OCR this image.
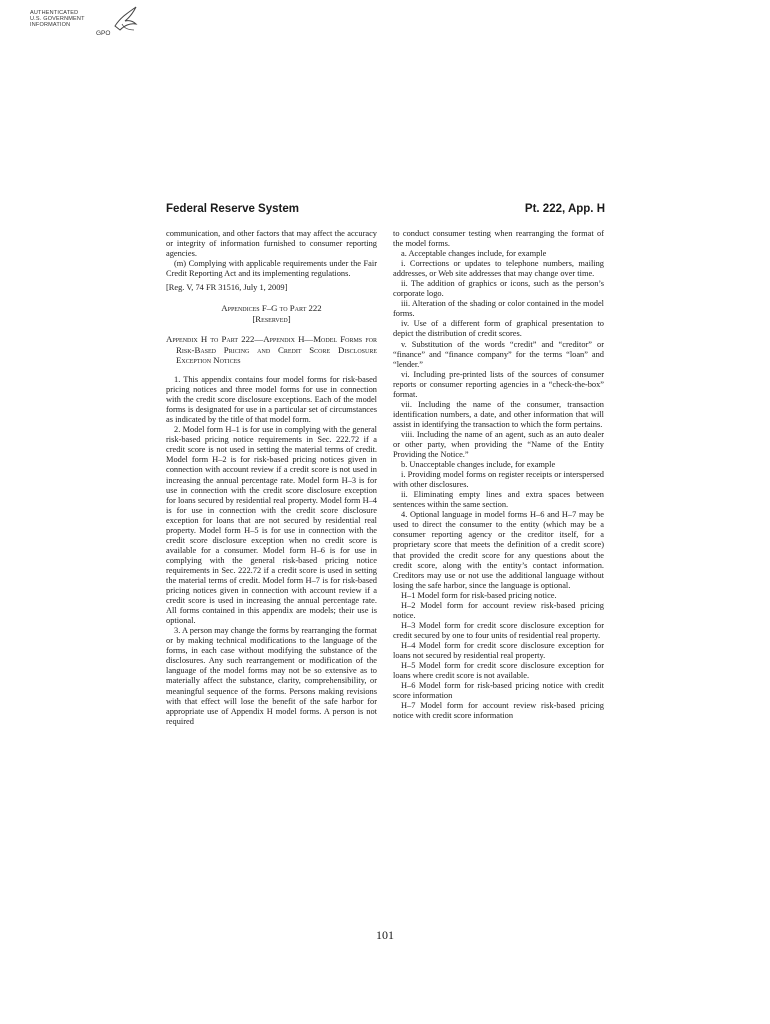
AUTHENTICATED
U.S. GOVERNMENT
INFORMATION
GPO
Federal Reserve System	Pt. 222, App. H

communication, and other factors that may affect the accuracy or integrity of information furnished to consumer reporting agencies.

(m) Complying with applicable requirements under the Fair Credit Reporting Act and its implementing regulations.

[Reg. V, 74 FR 31516, July 1, 2009]

Appendices F–G to Part 222
[Reserved]
Appendix H to Part 222—Appendix H—Model Forms for Risk-Based Pricing and Credit Score Disclosure Exception Notices

1. This appendix contains four model forms for risk-based pricing notices and three model forms for use in connection with the credit score disclosure exceptions. Each of the model forms is designated for use in a particular set of circumstances as indicated by the title of that model form.

2. Model form H–1 is for use in complying with the general risk-based pricing notice requirements in Sec. 222.72 if a credit score is not used in setting the material terms of credit. Model form H–2 is for risk-based pricing notices given in connection with account review if a credit score is not used in increasing the annual percentage rate. Model form H–3 is for use in connection with the credit score disclosure exception for loans secured by residential real property. Model form H–4 is for use in connection with the credit score disclosure exception for loans that are not secured by residential real property. Model form H–5 is for use in connection with the credit score disclosure exception when no credit score is available for a consumer. Model form H–6 is for use in complying with the general risk-based pricing notice requirements in Sec. 222.72 if a credit score is used in setting the material terms of credit. Model form H–7 is for risk-based pricing notices given in connection with account review if a credit score is used in increasing the annual percentage rate. All forms contained in this appendix are models; their use is optional.

3. A person may change the forms by rearranging the format or by making technical modifications to the language of the forms, in each case without modifying the substance of the disclosures. Any such rearrangement or modification of the language of the model forms may not be so extensive as to materially affect the substance, clarity, comprehensibility, or meaningful sequence of the forms. Persons making revisions with that effect will lose the benefit of the safe harbor for appropriate use of Appendix H model forms. A person is not required

to conduct consumer testing when rearranging the format of the model forms.

a. Acceptable changes include, for example

i. Corrections or updates to telephone numbers, mailing addresses, or Web site addresses that may change over time.

ii. The addition of graphics or icons, such as the person’s corporate logo.

iii. Alteration of the shading or color contained in the model forms.

iv. Use of a different form of graphical presentation to depict the distribution of credit scores.

v. Substitution of the words “credit” and “creditor” or “finance” and “finance company” for the terms “loan” and “lender.”

vi. Including pre-printed lists of the sources of consumer reports or consumer reporting agencies in a “check-the-box” format.

vii. Including the name of the consumer, transaction identification numbers, a date, and other information that will assist in identifying the transaction to which the form pertains.

viii. Including the name of an agent, such as an auto dealer or other party, when providing the “Name of the Entity Providing the Notice.”

b. Unacceptable changes include, for example

i. Providing model forms on register receipts or interspersed with other disclosures.

ii. Eliminating empty lines and extra spaces between sentences within the same section.

4. Optional language in model forms H–6 and H–7 may be used to direct the consumer to the entity (which may be a consumer reporting agency or the creditor itself, for a proprietary score that meets the definition of a credit score) that provided the credit score for any questions about the credit score, along with the entity’s contact information. Creditors may use or not use the additional language without losing the safe harbor, since the language is optional.

H–1 Model form for risk-based pricing notice.

H–2 Model form for account review risk-based pricing notice.

H–3 Model form for credit score disclosure exception for credit secured by one to four units of residential real property.

H–4 Model form for credit score disclosure exception for loans not secured by residential real property.

H–5 Model form for credit score disclosure exception for loans where credit score is not available.

H–6 Model form for risk-based pricing notice with credit score information

H–7 Model form for account review risk-based pricing notice with credit score information

101
